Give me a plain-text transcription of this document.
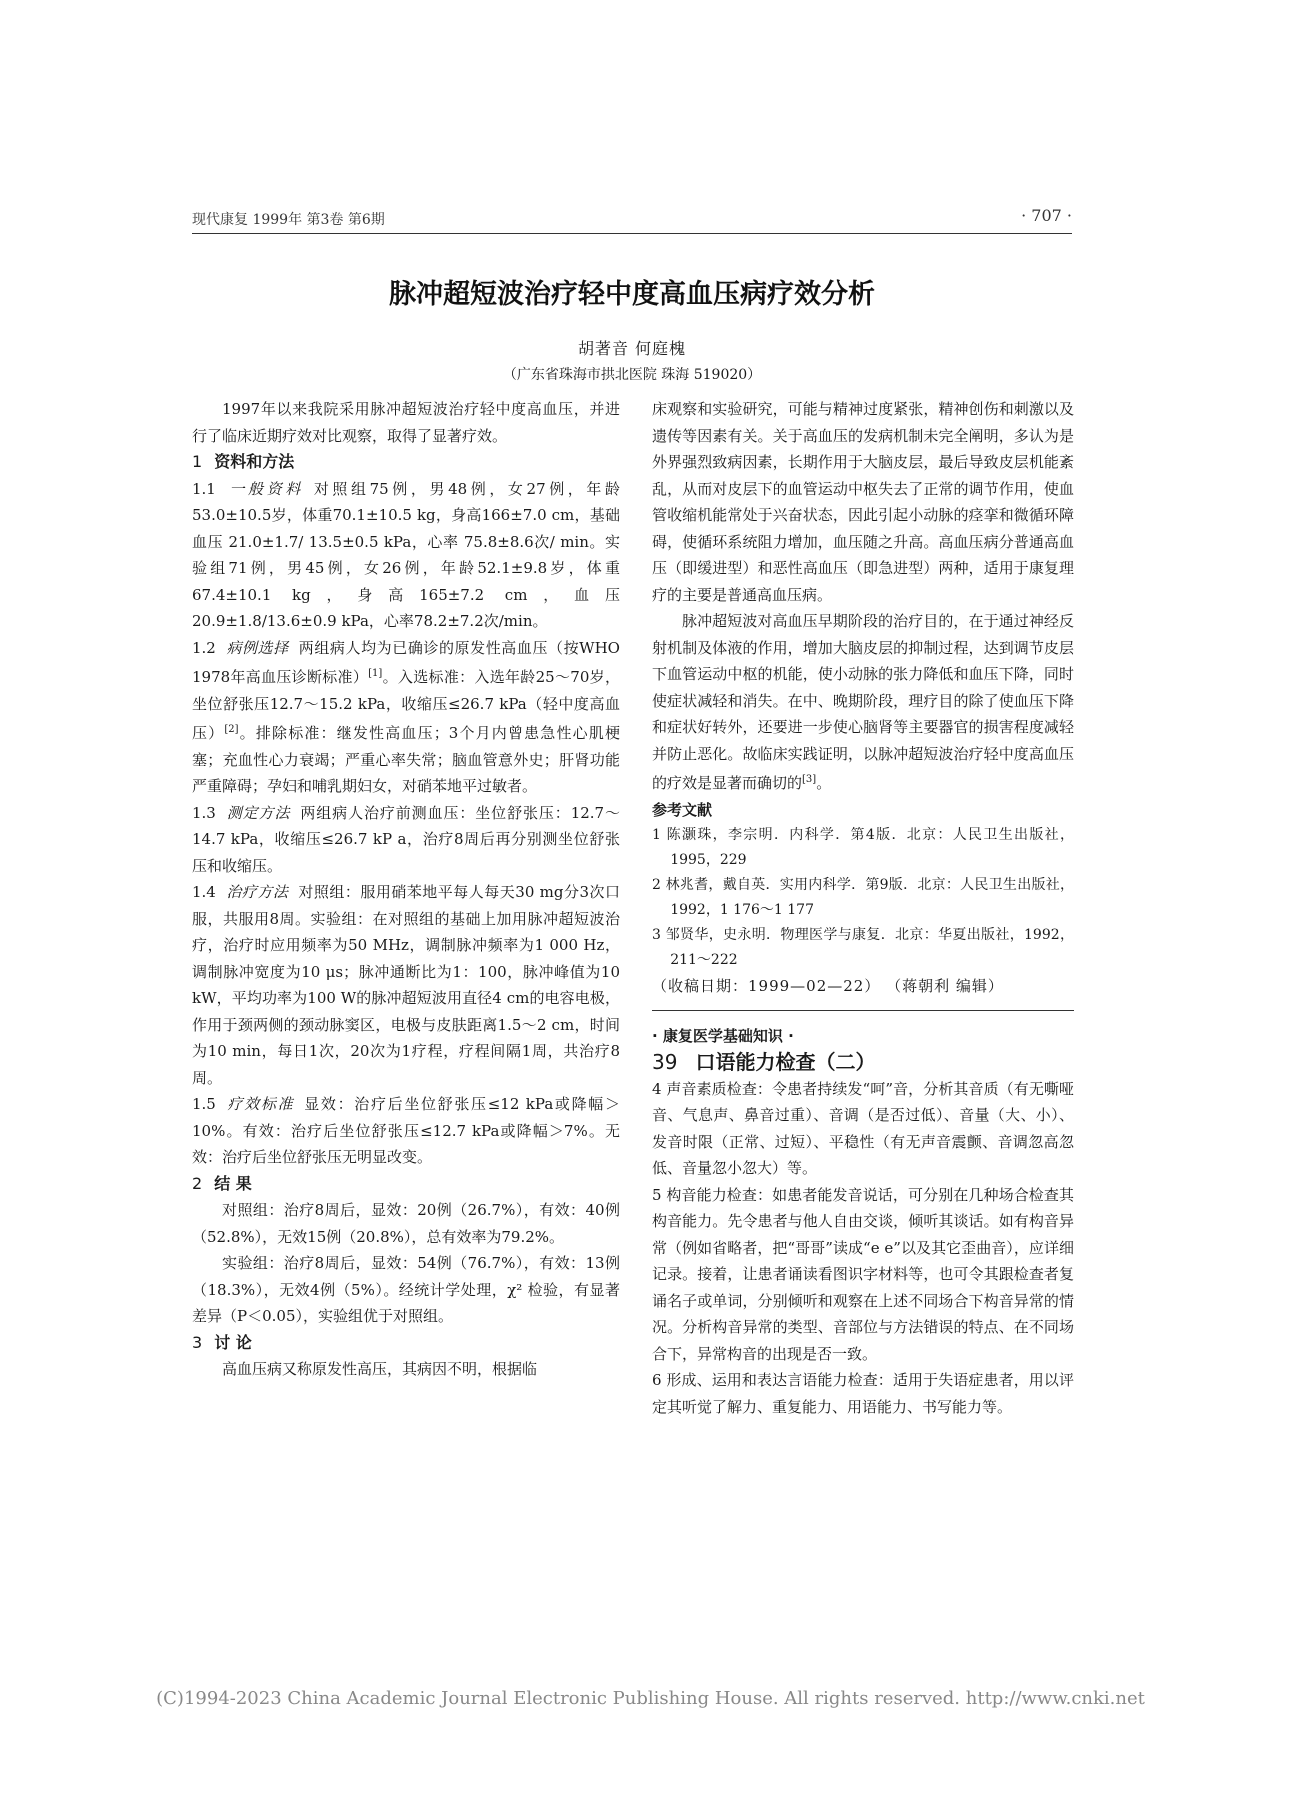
现代康复 1999年 第3卷 第6期	· 707 ·
脉冲超短波治疗轻中度高血压病疗效分析
胡著音 何庭槐
（广东省珠海市拱北医院 珠海 519020）

1997年以来我院采用脉冲超短波治疗轻中度高血压，并进行了临床近期疗效对比观察，取得了显著疗效。

1 资料和方法

1.1 一般资料 对照组75例，男48例，女27例，年龄53.0±10.5岁，体重70.1±10.5 kg，身高166±7.0 cm，基础血压 21.0±1.7/ 13.5±0.5 kPa，心率 75.8±8.6次/ min。实验组71例，男45例，女26例，年龄52.1±9.8岁，体重67.4±10.1 kg，身高165±7.2 cm，血压20.9±1.8/13.6±0.9 kPa，心率78.2±7.2次/min。

1.2 病例选择 两组病人均为已确诊的原发性高血压（按WHO 1978年高血压诊断标准）[1]。入选标准：入选年龄25～70岁，坐位舒张压12.7～15.2 kPa，收缩压≤26.7 kPa（轻中度高血压）[2]。排除标准：继发性高血压；3个月内曾患急性心肌梗塞；充血性心力衰竭；严重心率失常；脑血管意外史；肝肾功能严重障碍；孕妇和哺乳期妇女，对硝苯地平过敏者。

1.3 测定方法 两组病人治疗前测血压：坐位舒张压：12.7～14.7 kPa，收缩压≤26.7 kP a，治疗8周后再分别测坐位舒张压和收缩压。

1.4 治疗方法 对照组：服用硝苯地平每人每天30 mg分3次口服，共服用8周。实验组：在对照组的基础上加用脉冲超短波治疗，治疗时应用频率为50 MHz，调制脉冲频率为1 000 Hz，调制脉冲宽度为10 μs；脉冲通断比为1：100，脉冲峰值为10 kW，平均功率为100 W的脉冲超短波用直径4 cm的电容电极，作用于颈两侧的颈动脉窦区，电极与皮肤距离1.5～2 cm，时间为10 min，每日1次，20次为1疗程，疗程间隔1周，共治疗8周。

1.5 疗效标准 显效：治疗后坐位舒张压≤12 kPa或降幅＞10%。有效：治疗后坐位舒张压≤12.7 kPa或降幅＞7%。无效：治疗后坐位舒张压无明显改变。

2 结 果

对照组：治疗8周后，显效：20例（26.7%），有效：40例（52.8%），无效15例（20.8%），总有效率为79.2%。

实验组：治疗8周后，显效：54例（76.7%），有效：13例（18.3%），无效4例（5%）。经统计学处理，χ² 检验，有显著差异（P＜0.05），实验组优于对照组。

3 讨 论

高血压病又称原发性高压，其病因不明，根据临

床观察和实验研究，可能与精神过度紧张，精神创伤和刺激以及遗传等因素有关。关于高血压的发病机制未完全阐明，多认为是外界强烈致病因素，长期作用于大脑皮层，最后导致皮层机能紊乱，从而对皮层下的血管运动中枢失去了正常的调节作用，使血管收缩机能常处于兴奋状态，因此引起小动脉的痉挛和微循环障碍，使循环系统阻力增加，血压随之升高。高血压病分普通高血压（即缓进型）和恶性高血压（即急进型）两种，适用于康复理疗的主要是普通高血压病。

脉冲超短波对高血压早期阶段的治疗目的，在于通过神经反射机制及体液的作用，增加大脑皮层的抑制过程，达到调节皮层下血管运动中枢的机能，使小动脉的张力降低和血压下降，同时使症状减轻和消失。在中、晚期阶段，理疗目的除了使血压下降和症状好转外，还要进一步使心脑肾等主要器官的损害程度减轻并防止恶化。故临床实践证明，以脉冲超短波治疗轻中度高血压的疗效是显著而确切的[3]。

参考文献

1 陈灏珠，李宗明．内科学．第4版．北京：人民卫生出版社，1995，229

2 林兆耆，戴自英．实用内科学．第9版．北京：人民卫生出版社，1992，1 176～1 177

3 邹贤华，史永明．物理医学与康复．北京：华夏出版社，1992，211～222

（收稿日期：1999—02—22） （蒋朝利 编辑）

· 康复医学基础知识 ·

39 口语能力检查（二）

4 声音素质检查：令患者持续发“呵”音，分析其音质（有无嘶哑音、气息声、鼻音过重）、音调（是否过低）、音量（大、小）、发音时限（正常、过短）、平稳性（有无声音震颤、音调忽高忽低、音量忽小忽大）等。

5 构音能力检查：如患者能发音说话，可分别在几种场合检查其构音能力。先令患者与他人自由交谈，倾听其谈话。如有构音异常（例如省略者，把“哥哥”读成“e e”以及其它歪曲音），应详细记录。接着，让患者诵读看图识字材料等，也可令其跟检查者复诵名子或单词，分别倾听和观察在上述不同场合下构音异常的情况。分析构音异常的类型、音部位与方法错误的特点、在不同场合下，异常构音的出现是否一致。

6 形成、运用和表达言语能力检查：适用于失语症患者，用以评定其听觉了解力、重复能力、用语能力、书写能力等。

(C)1994-2023 China Academic Journal Electronic Publishing House. All rights reserved. http://www.cnki.net
